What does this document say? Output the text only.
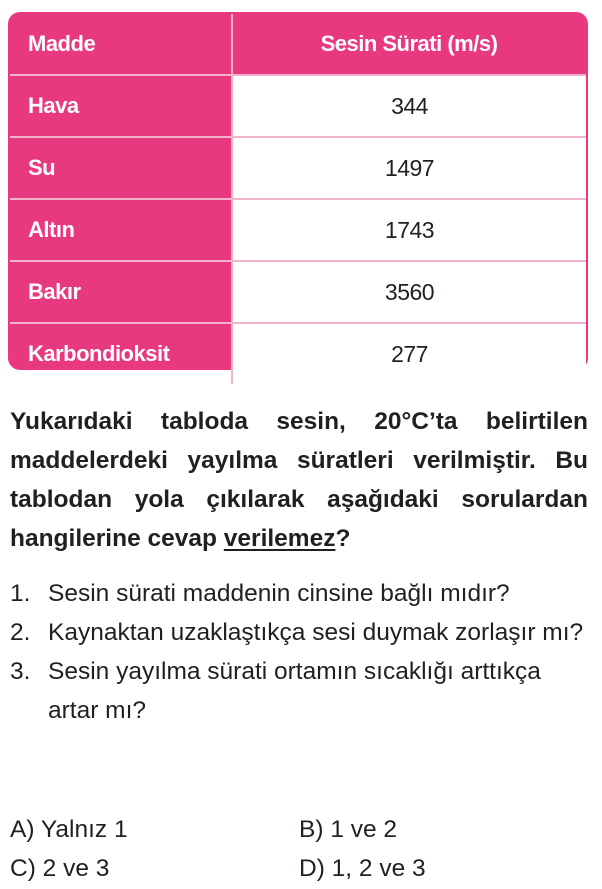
Madde	Sesin Sürati (m/s)
Hava	344
Su	1497
Altın	1743
Bakır	3560
Karbondioksit	277
Yukarıdaki tabloda sesin, 20°C’ta belirtilen maddelerdeki yayılma süratleri verilmiştir. Bu tablodan yola çıkılarak aşağıdaki sorulardan hangilerine cevap verilemez?
1. Sesin sürati maddenin cinsine bağlı mıdır?
2. Kaynaktan uzaklaştıkça sesi duymak zorlaşır mı?
3. Sesin yayılma sürati ortamın sıcaklığı arttıkça artar mı?
A) Yalnız 1	B) 1 ve 2
C) 2 ve 3	D) 1, 2 ve 3
